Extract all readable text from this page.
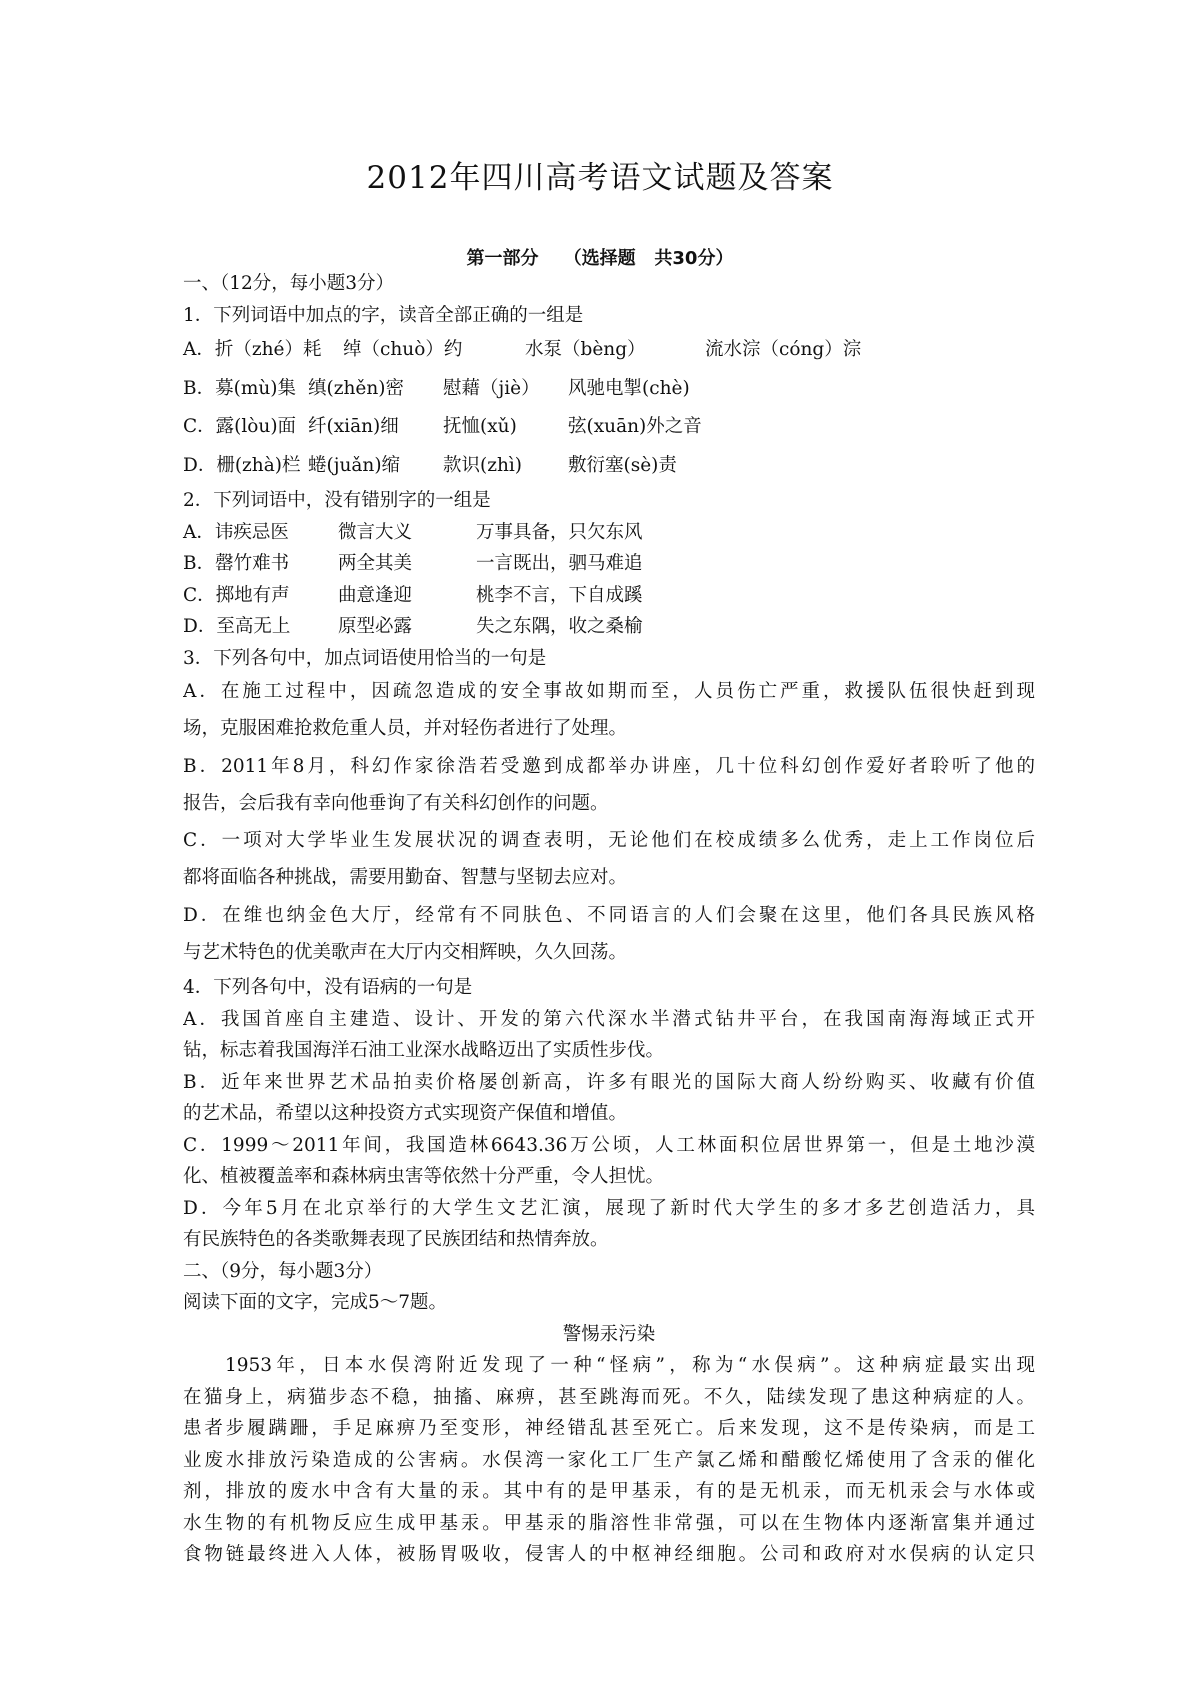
2012年四川高考语文试题及答案
第一部分    （选择题   共30分）
一、（12分，每小题3分）
1．下列词语中加点的字，读音全部正确的一组是
A．折（zhé）耗 绰（chuò）约	水泵（bèng）	流水淙（cóng）淙
B．募(mù)集 缜(zhěn)密 慰藉（jiè） 风驰电掣(chè)
C．露(lòu)面 纤(xiān)细 抚恤(xǔ)	弦(xuān)外之音
D．栅(zhà)栏 蜷(juǎn)缩 款识(zhì) 敷衍塞(sè)责
2．下列词语中，没有错别字的一组是
A．讳疾忌医	微言大义	万事具备，只欠东风
B．罄竹难书	两全其美	一言既出，驷马难追
C．掷地有声	曲意逢迎	桃李不言，下自成蹊
D．至高无上	原型必露	失之东隅，收之桑榆
3．下列各句中，加点词语使用恰当的一句是
A．在施工过程中，因疏忽造成的安全事故如期而至，人员伤亡严重，救援队伍很快赶到现
场，克服困难抢救危重人员，并对轻伤者进行了处理。
B．2011年8月，科幻作家徐浩若受邀到成都举办讲座，几十位科幻创作爱好者聆听了他的
报告，会后我有幸向他垂询了有关科幻创作的问题。
C．一项对大学毕业生发展状况的调查表明，无论他们在校成绩多么优秀，走上工作岗位后
都将面临各种挑战，需要用勤奋、智慧与坚韧去应对。
D．在维也纳金色大厅，经常有不同肤色、不同语言的人们会聚在这里，他们各具民族风格
与艺术特色的优美歌声在大厅内交相辉映，久久回荡。
4．下列各句中，没有语病的一句是
A．我国首座自主建造、设计、开发的第六代深水半潜式钻井平台，在我国南海海域正式开
钻，标志着我国海洋石油工业深水战略迈出了实质性步伐。
B．近年来世界艺术品拍卖价格屡创新高，许多有眼光的国际大商人纷纷购买、收藏有价值
的艺术品，希望以这种投资方式实现资产保值和增值。
C．1999～2011年间，我国造林6643.36万公顷，人工林面积位居世界第一，但是土地沙漠
化、植被覆盖率和森林病虫害等依然十分严重，令人担忧。
D．今年5月在北京举行的大学生文艺汇演，展现了新时代大学生的多才多艺创造活力，具
有民族特色的各类歌舞表现了民族团结和热情奔放。
二、（9分，每小题3分）
阅读下面的文字，完成5～7题。
警惕汞污染
1953年，日本水俣湾附近发现了一种“怪病”，称为“水俣病”。这种病症最实出现
在猫身上，病猫步态不稳，抽搐、麻痹，甚至跳海而死。不久，陆续发现了患这种病症的人。
患者步履蹒跚，手足麻痹乃至变形，神经错乱甚至死亡。后来发现，这不是传染病，而是工
业废水排放污染造成的公害病。水俣湾一家化工厂生产氯乙烯和醋酸忆烯使用了含汞的催化
剂，排放的废水中含有大量的汞。其中有的是甲基汞，有的是无机汞，而无机汞会与水体或
水生物的有机物反应生成甲基汞。甲基汞的脂溶性非常强，可以在生物体内逐渐富集并通过
食物链最终进入人体，被肠胃吸收，侵害人的中枢神经细胞。公司和政府对水俣病的认定只
